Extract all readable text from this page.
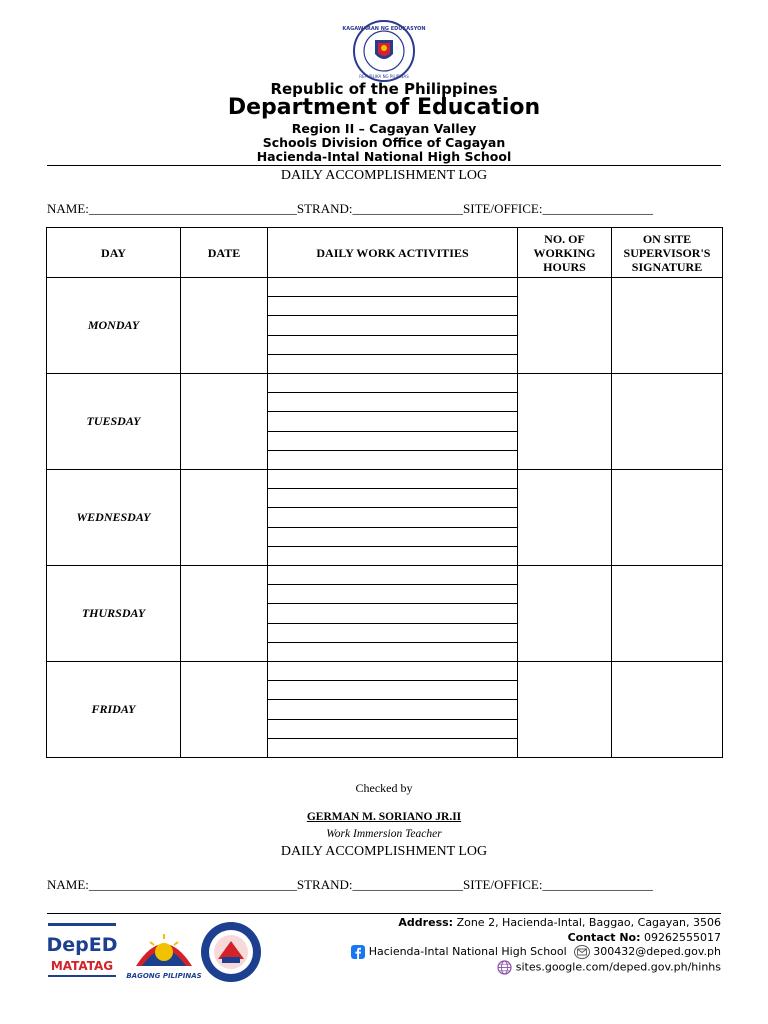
KAGAWARAN NG EDUKASYON
REPUBLIKA NG PILIPINAS
Republic of the Philippines
Department of Education
Region II – Cagayan Valley
Schools Division Office of Cagayan
Hacienda-Intal National High School
DAILY ACCOMPLISHMENT LOG
NAME:________________________________STRAND:_________________SITE/OFFICE:_________________
DAY	DATE	DAILY WORK ACTIVITIES	NO. OF WORKING HOURS	ON SITE SUPERVISOR'S SIGNATURE
MONDAY		

TUESDAY		

WEDNESDAY		

THURSDAY		

FRIDAY		

Checked by
GERMAN M. SORIANO JR.II
Work Immersion Teacher
DAILY ACCOMPLISHMENT LOG
NAME:________________________________STRAND:_________________SITE/OFFICE:_________________
DepED
MATATAG
BAGONG PILIPINAS
Address: Zone 2, Hacienda-Intal, Baggao, Cagayan, 3506
Contact No: 09262555017
Hacienda-Intal National High School 300432@deped.gov.ph
sites.google.com/deped.gov.ph/hinhs
